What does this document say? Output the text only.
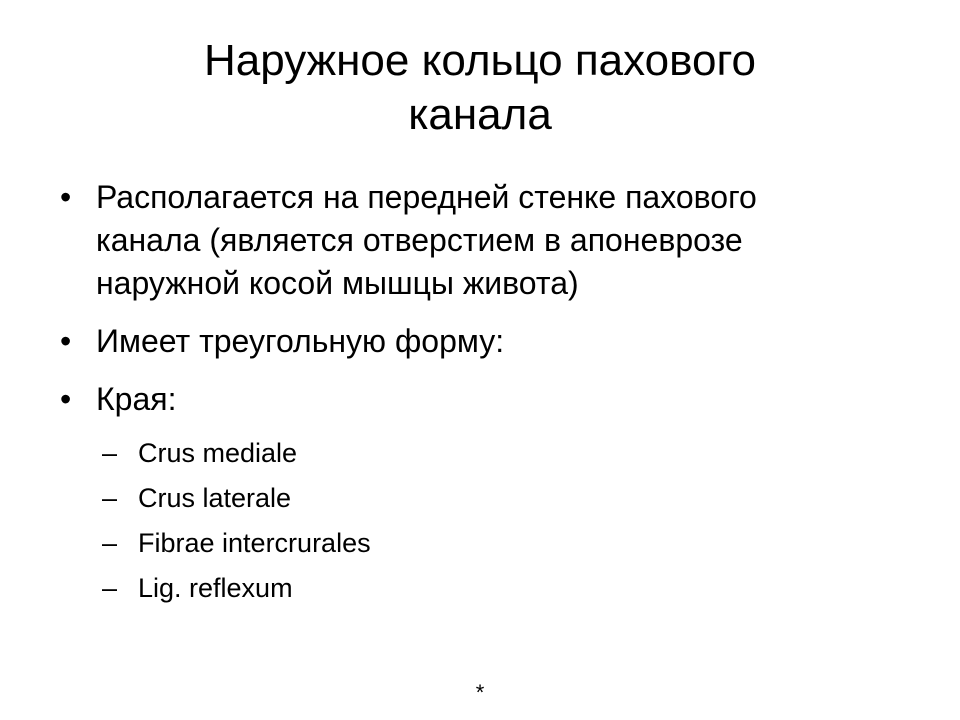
Наружное кольцо пахового
канала
• Располагается на передней стенке пахового
канала (является отверстием в апоневрозе
наружной косой мышцы живота)
• Имеет треугольную форму:
• Края:
– Crus mediale
– Crus laterale
– Fibrae intercrurales
– Lig. reflexum
*
